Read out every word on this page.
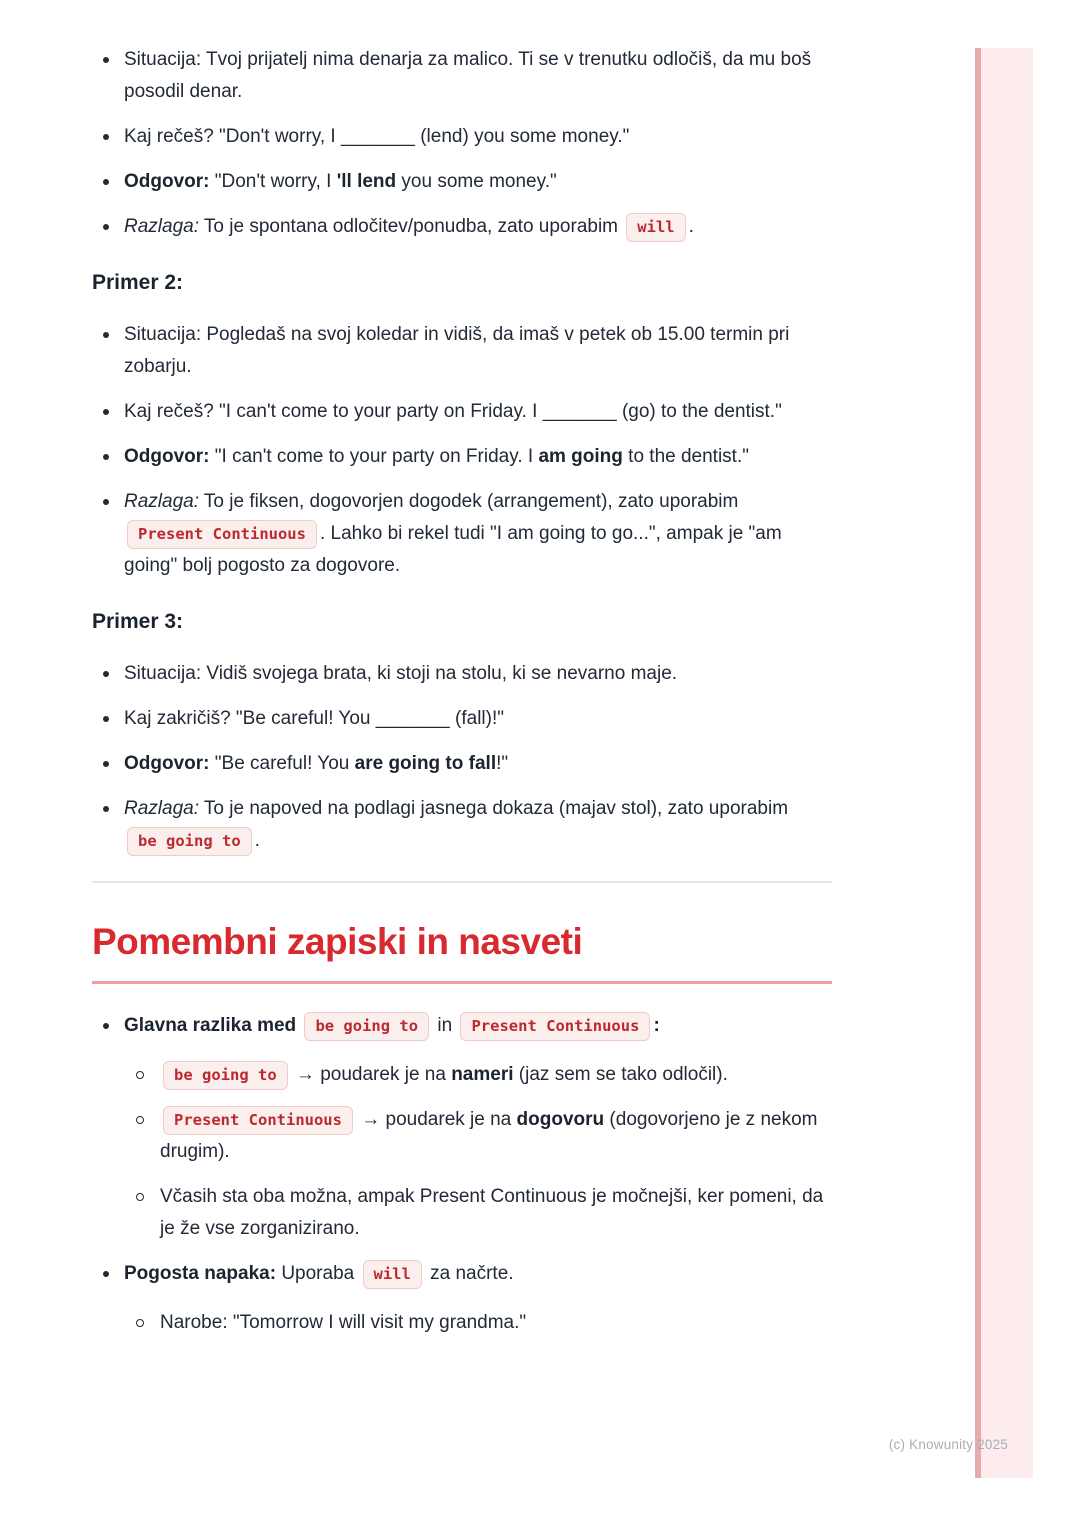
(c) Knowunity 2025
Situacija: Tvoj prijatelj nima denarja za malico. Ti se v trenutku odločiš, da mu boš posodil denar.
Kaj rečeš? "Don't worry, I _______ (lend) you some money."
Odgovor: "Don't worry, I 'll lend you some money."
Razlaga: To je spontana odločitev/ponudba, zato uporabim will .
Primer 2:
Situacija: Pogledaš na svoj koledar in vidiš, da imaš v petek ob 15.00 termin pri zobarju.
Kaj rečeš? "I can't come to your party on Friday. I _______ (go) to the dentist."
Odgovor: "I can't come to your party on Friday. I am going to the dentist."
Razlaga: To je fiksen, dogovorjen dogodek (arrangement), zato uporabim Present Continuous . Lahko bi rekel tudi "I am going to go...", ampak je "am going" bolj pogosto za dogovore.
Primer 3:
Situacija: Vidiš svojega brata, ki stoji na stolu, ki se nevarno maje.
Kaj zakričiš? "Be careful! You _______ (fall)!"
Odgovor: "Be careful! You are going to fall!"
Razlaga: To je napoved na podlagi jasnega dokaza (majav stol), zato uporabim be going to .
Pomembni zapiski in nasveti
Glavna razlika med be going to in Present Continuous :
be going to → poudarek je na nameri (jaz sem se tako odločil).
Present Continuous → poudarek je na dogovoru (dogovorjeno je z nekom drugim).
Včasih sta oba možna, ampak Present Continuous je močnejši, ker pomeni, da je že vse zorganizirano.
Pogosta napaka: Uporaba will za načrte.
Narobe: "Tomorrow I will visit my grandma."
